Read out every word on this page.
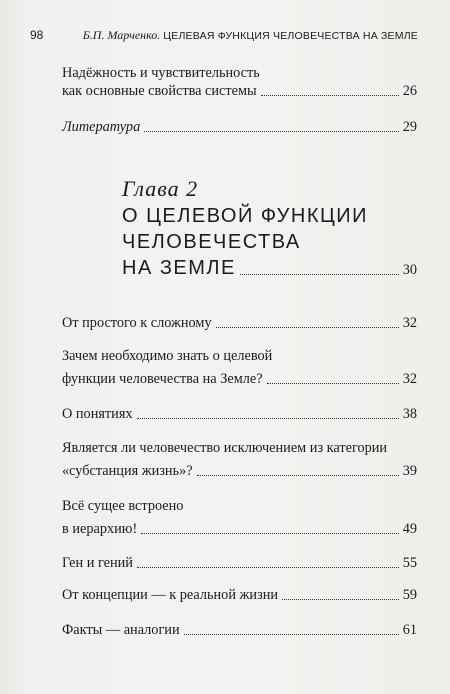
98	Б.П. Марченко. ЦЕЛЕВАЯ ФУНКЦИЯ ЧЕЛОВЕЧЕСТВА НА ЗЕМЛЕ
Надёжность и чувствительность
как основные свойства системы	26
Литература	29
Глава 2
О ЦЕЛЕВОЙ ФУНКЦИИ
ЧЕЛОВЕЧЕСТВА
НА ЗЕМЛЕ	30
От простого к сложному	32
Зачем необходимо знать о целевой
функции человечества на Земле?	32
О понятиях	38
Является ли человечество исключением из категории
«субстанция жизнь»?	39
Всё сущее встроено
в иерархию!	49
Ген и гений	55
От концепции — к реальной жизни	59
Факты — аналогии	61
